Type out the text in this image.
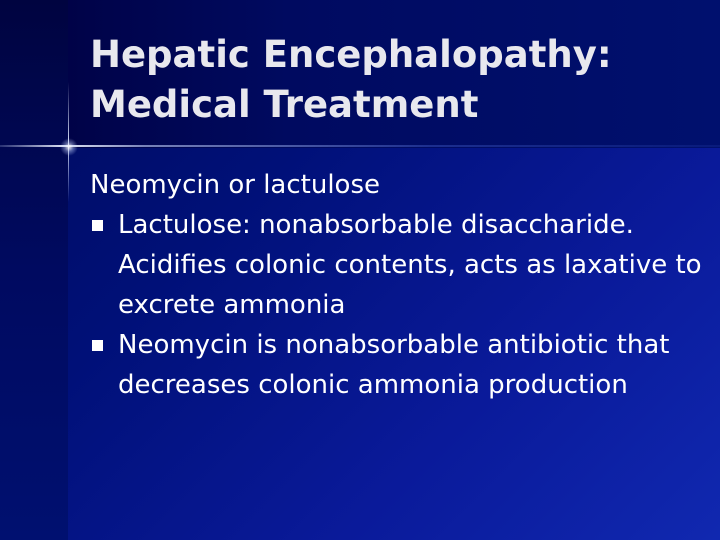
Hepatic Encephalopathy:
Medical Treatment

Neomycin or lactulose

Lactulose: nonabsorbable disaccharide. Acidifies colonic contents, acts as laxative to excrete ammonia
Neomycin is nonabsorbable antibiotic that decreases colonic ammonia production
